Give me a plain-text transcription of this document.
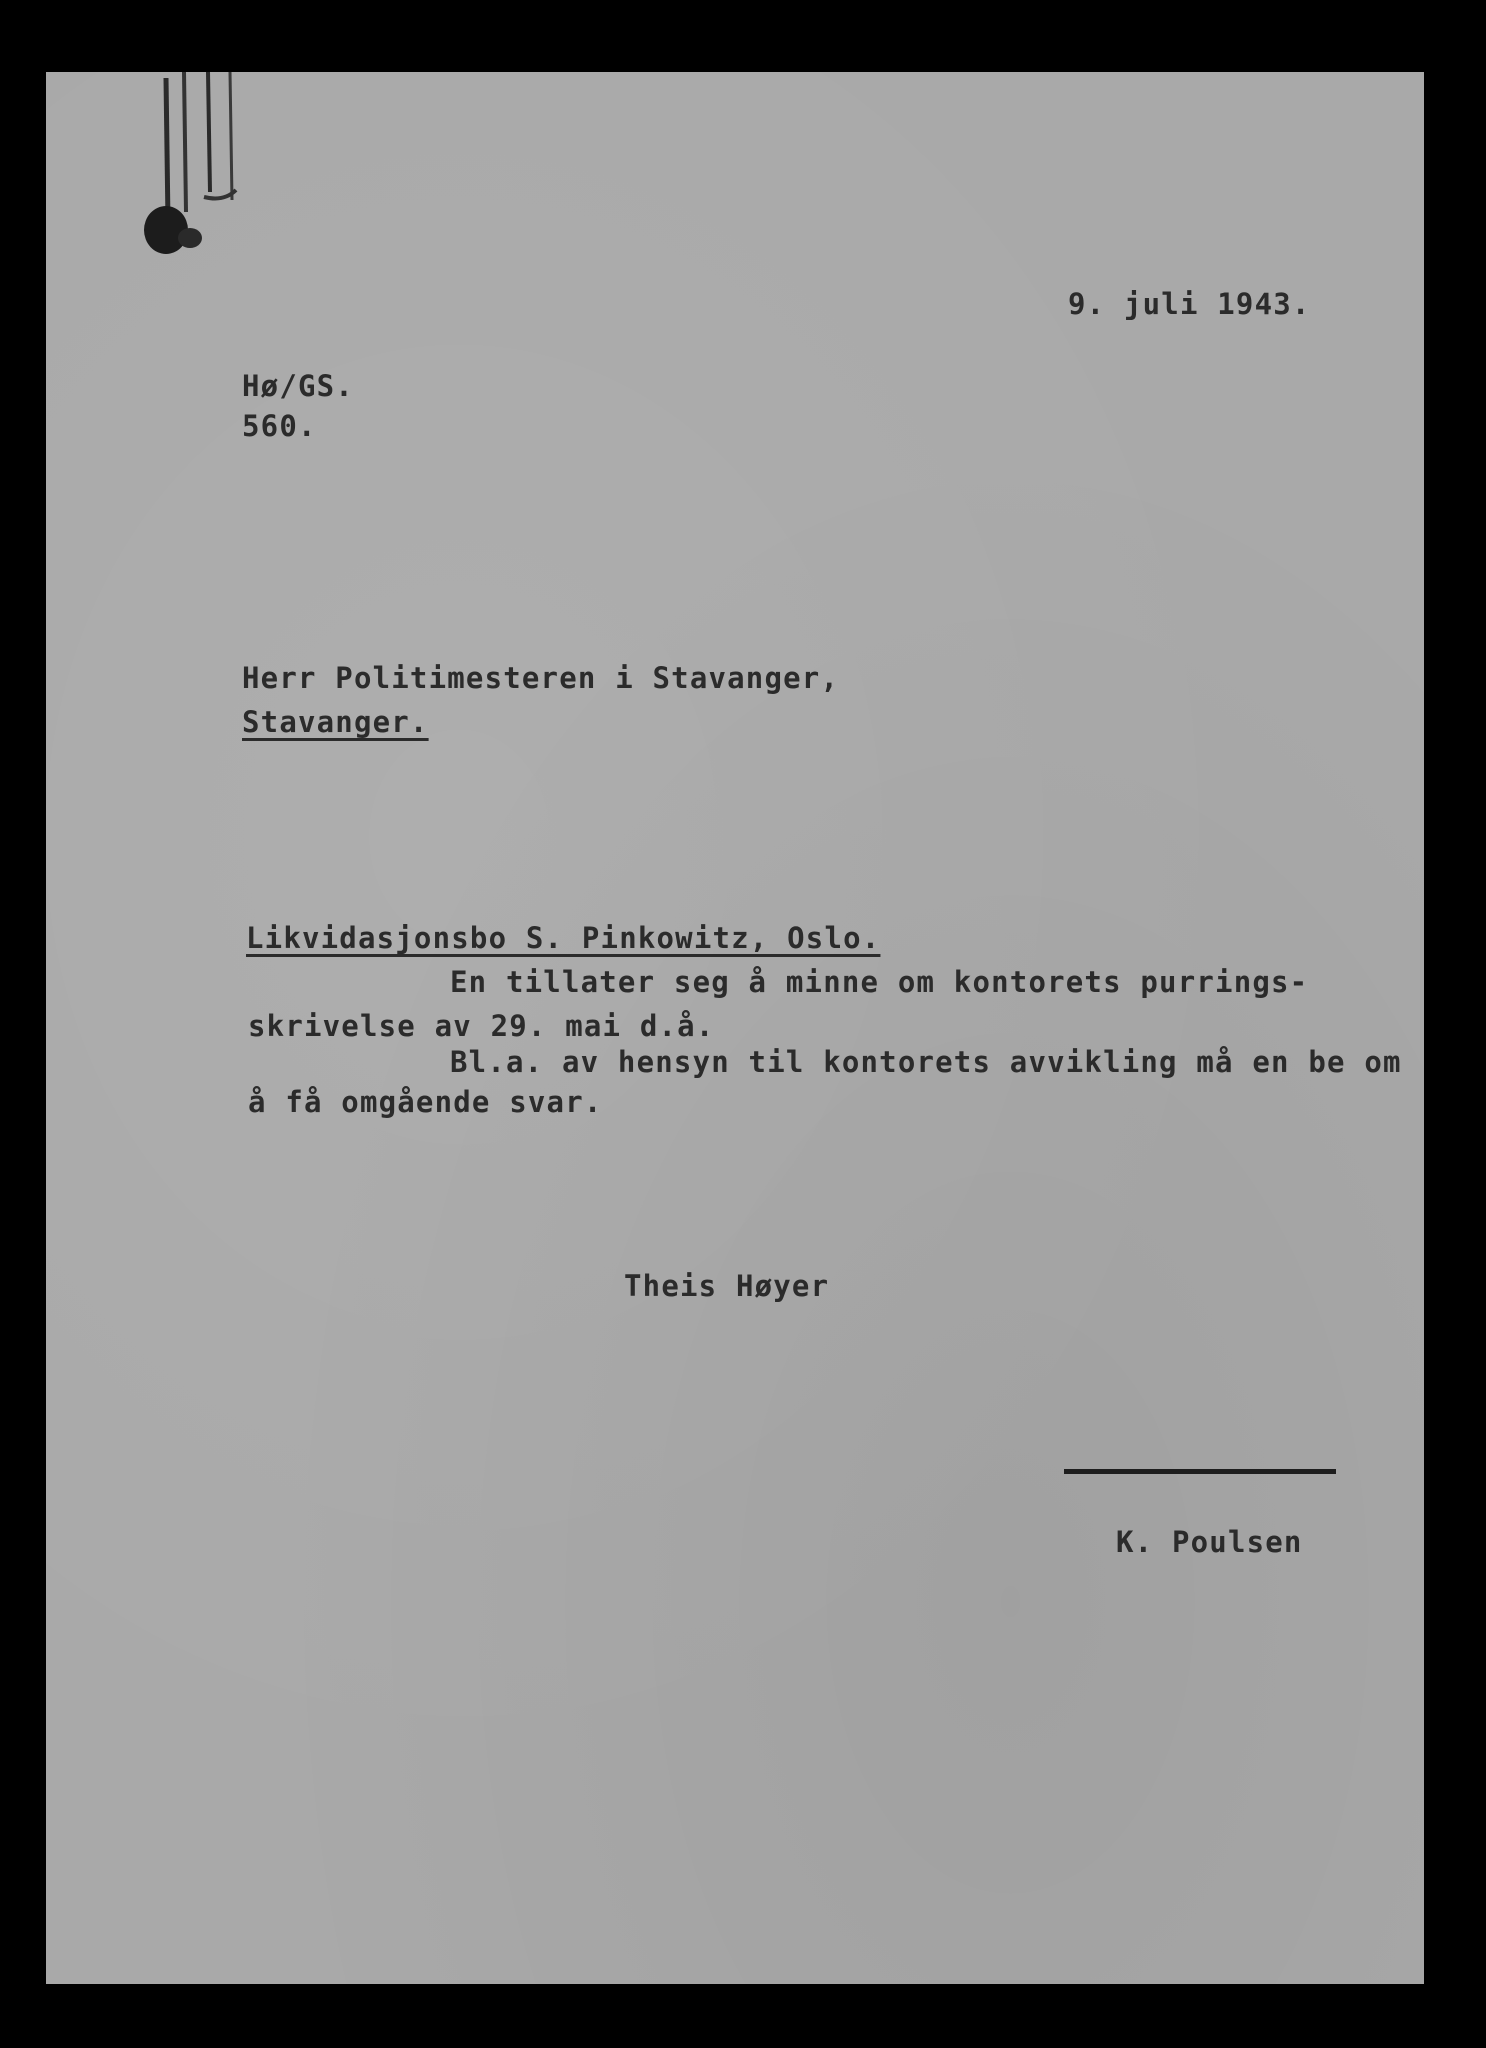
9. juli 1943.
Hø/GS.
560.
Herr Politimesteren i Stavanger,
Stavanger.
Likvidasjonsbo S. Pinkowitz, Oslo.
En tillater seg å minne om kontorets purrings-
skrivelse av 29. mai d.å.
Bl.a. av hensyn til kontorets avvikling må en be om
å få omgående svar.
Theis Høyer
K. Poulsen
